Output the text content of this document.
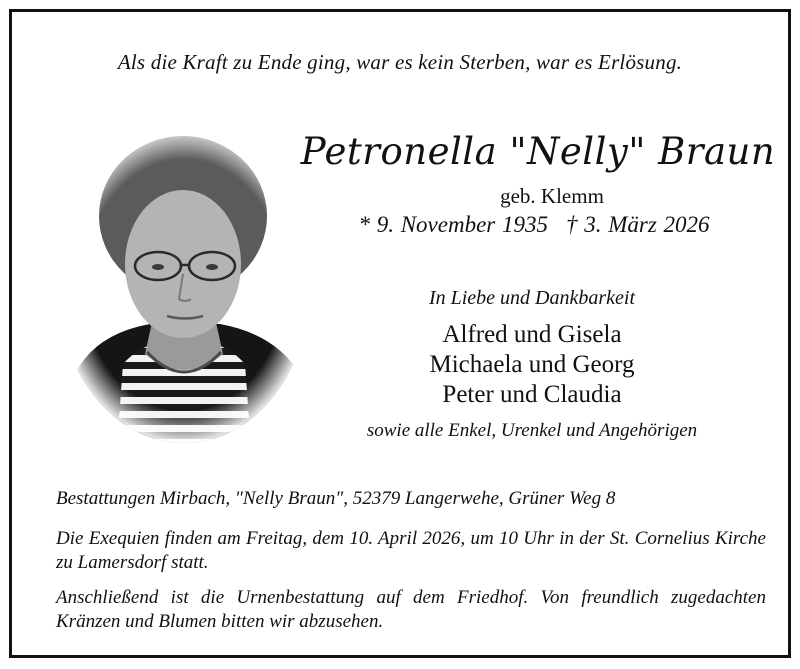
Als die Kraft zu Ende ging, war es kein Sterben, war es Erlösung.
Petronella "Nelly" Braun
geb. Klemm
* 9. November 1935 † 3. März 2026
In Liebe und Dankbarkeit
Alfred und Gisela
Michaela und Georg
Peter und Claudia
sowie alle Enkel, Urenkel und Angehörigen
Bestattungen Mirbach, "Nelly Braun", 52379 Langerwehe, Grüner Weg 8
Die Exequien finden am Freitag, dem 10. April 2026, um 10 Uhr in der St. Cornelius Kirche zu Lamersdorf statt.
Anschließend ist die Urnenbestattung auf dem Friedhof. Von freundlich zugedachten Kränzen und Blumen bitten wir abzusehen.
